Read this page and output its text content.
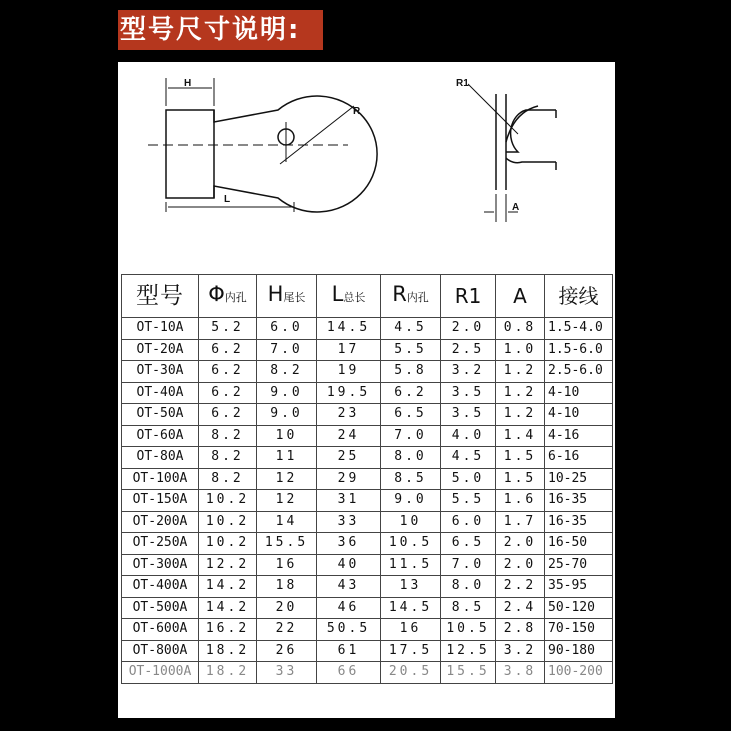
型号尺寸说明:
H
R
L
R1
A
型号	Φ内孔	H尾长	L总长	R内孔	R1	A	接线
OT-10A	5.2	6.0	14.5	4.5	2.0	0.8	1.5-4.0
OT-20A	6.2	7.0	17	5.5	2.5	1.0	1.5-6.0
OT-30A	6.2	8.2	19	5.8	3.2	1.2	2.5-6.0
OT-40A	6.2	9.0	19.5	6.2	3.5	1.2	4-10
OT-50A	6.2	9.0	23	6.5	3.5	1.2	4-10
OT-60A	8.2	10	24	7.0	4.0	1.4	4-16
OT-80A	8.2	11	25	8.0	4.5	1.5	6-16
OT-100A	8.2	12	29	8.5	5.0	1.5	10-25
OT-150A	10.2	12	31	9.0	5.5	1.6	16-35
OT-200A	10.2	14	33	10	6.0	1.7	16-35
OT-250A	10.2	15.5	36	10.5	6.5	2.0	16-50
OT-300A	12.2	16	40	11.5	7.0	2.0	25-70
OT-400A	14.2	18	43	13	8.0	2.2	35-95
OT-500A	14.2	20	46	14.5	8.5	2.4	50-120
OT-600A	16.2	22	50.5	16	10.5	2.8	70-150
OT-800A	18.2	26	61	17.5	12.5	3.2	90-180
OT-1000A	18.2	33	66	20.5	15.5	3.8	100-200
